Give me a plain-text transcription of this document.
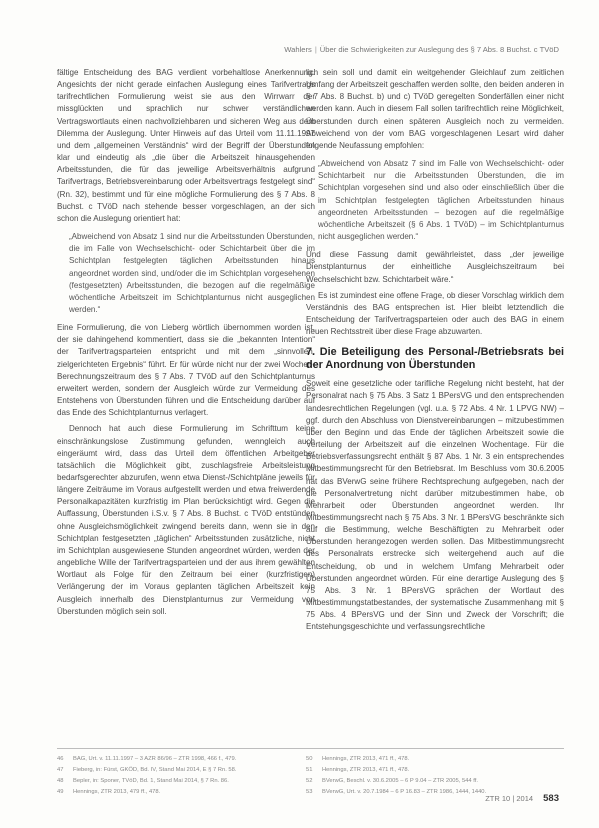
Wahlers | Über die Schwierigkeiten zur Auslegung des § 7 Abs. 8 Buchst. c TVöD

fältige Entscheidung des BAG verdient vorbehaltlose Anerkennung. Angesichts der nicht gerade einfachen Auslegung eines Tarifvertrags tarifrechtlichen Formulierung weist sie aus den Wirrwarr der missglückten und sprachlich nur schwer verständlichen Vertragswortlauts einen nachvollziehbaren und sicheren Weg aus dem Dilemma der Auslegung. Unter Hinweis auf das Urteil vom 11.11.1997 und dem „allgemeinen Verständnis“ wird der Begriff der Überstunden klar und eindeutig als „die über die Arbeitszeit hinausgehenden Arbeitsstunden, die für das jeweilige Arbeitsverhältnis aufgrund Tarifvertrags, Betriebsvereinbarung oder Arbeitsvertrags festgelegt sind“ (Rn. 32), bestimmt und für eine mögliche Formulierung des § 7 Abs. 8 Buchst. c TVöD nach stehende besser vorgeschlagen, an der sich schon die Auslegung orientiert hat:

„Abweichend von Absatz 1 sind nur die Arbeitsstunden Überstunden, die im Falle von Wechselschicht- oder Schichtarbeit über die im Schichtplan festgelegten täglichen Arbeitsstunden hinaus angeordnet worden sind, und/oder die im Schichtplan vorgesehenen (festgesetzten) Arbeitsstunden, die bezogen auf die regelmäßige wöchentliche Arbeitszeit im Schichtplanturnus nicht ausgeglichen werden.“

Eine Formulierung, die von Lieberg wörtlich übernommen worden ist, der sie dahingehend kommentiert, dass sie die „bekannten Intention“ der Tarifvertragsparteien entspricht und mit dem „sinnvollen, zielgerichteten Ergebnis“ führt. Er für würde nicht nur der zwei Wochen-Berechnungszeitraum des § 7 Abs. 7 TVöD auf den Schichtplanturnus erweitert werden, sondern der Ausgleich würde zur Vermeidung des Entstehens von Überstunden führen und die Entscheidung darüber auf das Ende des Schichtplanturnus verlagert.

Dennoch hat auch diese Formulierung im Schrifttum keine einschränkungslose Zustimmung gefunden, wenngleich auch eingeräumt wird, dass das Urteil dem öffentlichen Arbeitgeber tatsächlich die Möglichkeit gibt, zuschlagsfreie Arbeitsleistung bedarfsgerechter abzurufen, wenn etwa Dienst-/Schichtpläne jeweils für längere Zeiträume im Voraus aufgestellt werden und etwa freiwerdende Personalkapazitäten kurzfristig im Plan berücksichtigt wird. Gegen die Auffassung, Überstunden i.S.v. § 7 Abs. 8 Buchst. c TVöD entstünden ohne Ausgleichsmöglichkeit zwingend bereits dann, wenn sie in den Schichtplan festgesetzten „täglichen“ Arbeitsstunden zusätzliche, nicht im Schichtplan ausgewiesene Stunden angeordnet würden, werden der angebliche Wille der Tarifvertragsparteien und der aus ihrem gewählten Wortlaut als Folge für den Zeitraum bei einer (kurzfristigen) Verlängerung der im Voraus geplanten täglichen Arbeitszeit kein Ausgleich innerhalb des Dienstplanturnus zur Vermeidung von Überstunden möglich sein soll.

lich sein soll und damit ein weitgehender Gleichlauf zum zeitlichen Umfang der Arbeitszeit geschaffen werden sollte, den beiden anderen in § 7 Abs. 8 Buchst. b) und c) TVöD geregelten Sonderfällen einer nicht werden kann. Auch in diesem Fall sollen tarifrechtlich reine Möglichkeit, Überstunden durch einen späteren Ausgleich noch zu vermeiden. Abweichend von der vom BAG vorgeschlagenen Lesart wird daher folgende Neufassung empfohlen:

„Abweichend von Absatz 7 sind im Falle von Wechselschicht- oder Schichtarbeit nur die Arbeitsstunden Überstunden, die im Schichtplan vorgesehen sind und also oder einschließlich über die im Schichtplan festgelegten täglichen Arbeitsstunden hinaus angeordneten Arbeitsstunden – bezogen auf die regelmäßige wöchentliche Arbeitszeit (§ 6 Abs. 1 TVöD) – im Schichtplanturnus nicht ausgeglichen werden.“

Und diese Fassung damit gewährleistet, dass „der jeweilige Dienstplanturnus der einheitliche Ausgleichszeitraum bei Wechselschicht bzw. Schichtarbeit wäre.“

Es ist zumindest eine offene Frage, ob dieser Vorschlag wirklich dem Verständnis des BAG entsprechen ist. Hier bleibt letztendlich die Entscheidung der Tarifvertragsparteien oder auch des BAG in einem neuen Rechtsstreit über diese Frage abzuwarten.

7. Die Beteiligung des Personal-/Betriebsrats bei der Anordnung von Überstunden

Soweit eine gesetzliche oder tarifliche Regelung nicht besteht, hat der Personalrat nach § 75 Abs. 3 Satz 1 BPersVG und den entsprechenden landesrechtlichen Regelungen (vgl. u.a. § 72 Abs. 4 Nr. 1 LPVG NW) – ggf. durch den Abschluss von Dienstvereinbarungen – mitzubestimmen über den Beginn und das Ende der täglichen Arbeitszeit sowie die Verteilung der Arbeitszeit auf die einzelnen Wochentage. Für die Betriebsverfassungsrecht enthält § 87 Abs. 1 Nr. 3 ein entsprechendes Mitbestimmungsrecht für den Betriebsrat. Im Beschluss vom 30.6.2005 hat das BVerwG seine frühere Rechtsprechung aufgegeben, nach der die Personalvertretung nicht darüber mitzubestimmen habe, ob Mehrarbeit oder Überstunden angeordnet werden. Ihr Mitbestimmungsrecht nach § 75 Abs. 3 Nr. 1 BPersVG beschränkte sich auf die Bestimmung, welche Beschäftigten zu Mehrarbeit oder Überstunden herangezogen werden sollen. Das Mitbestimmungsrecht des Personalrats erstrecke sich weitergehend auch auf die Entscheidung, ob und in welchem Umfang Mehrarbeit oder Überstunden angeordnet würden. Für eine derartige Auslegung des § 75 Abs. 3 Nr. 1 BPersVG sprächen der Wortlaut des Mitbestimmungstatbestandes, der systematische Zusammenhang mit § 75 Abs. 4 BPersVG und der Sinn und Zweck der Vorschrift; die Entstehungsgeschichte und verfassungsrechtliche

46 BAG, Urt. v. 11.11.1997 – 3 AZR 86/96 – ZTR 1998, 466 f., 479.
47 Fieberg, in: Fürst, GKÖD, Bd. IV, Stand Mai 2014, E § 7 Rn. 58.
48 Bepler, in: Sponer, TVöD, Bd. 1, Stand Mai 2014, § 7 Rn. 86.
49 Hennings, ZTR 2013, 479 ff., 478.
50 Hennings, ZTR 2013, 471 ff., 478.
51 Hennings, ZTR 2013, 471 ff., 478.
52 BVerwG, Beschl. v. 30.6.2005 – 6 P 9.04 – ZTR 2005, 544 ff.
53 BVerwG, Urt. v. 20.7.1984 – 6 P 16.83 – ZTR 1986, 1444, 1440.
ZTR 10 | 2014 583
